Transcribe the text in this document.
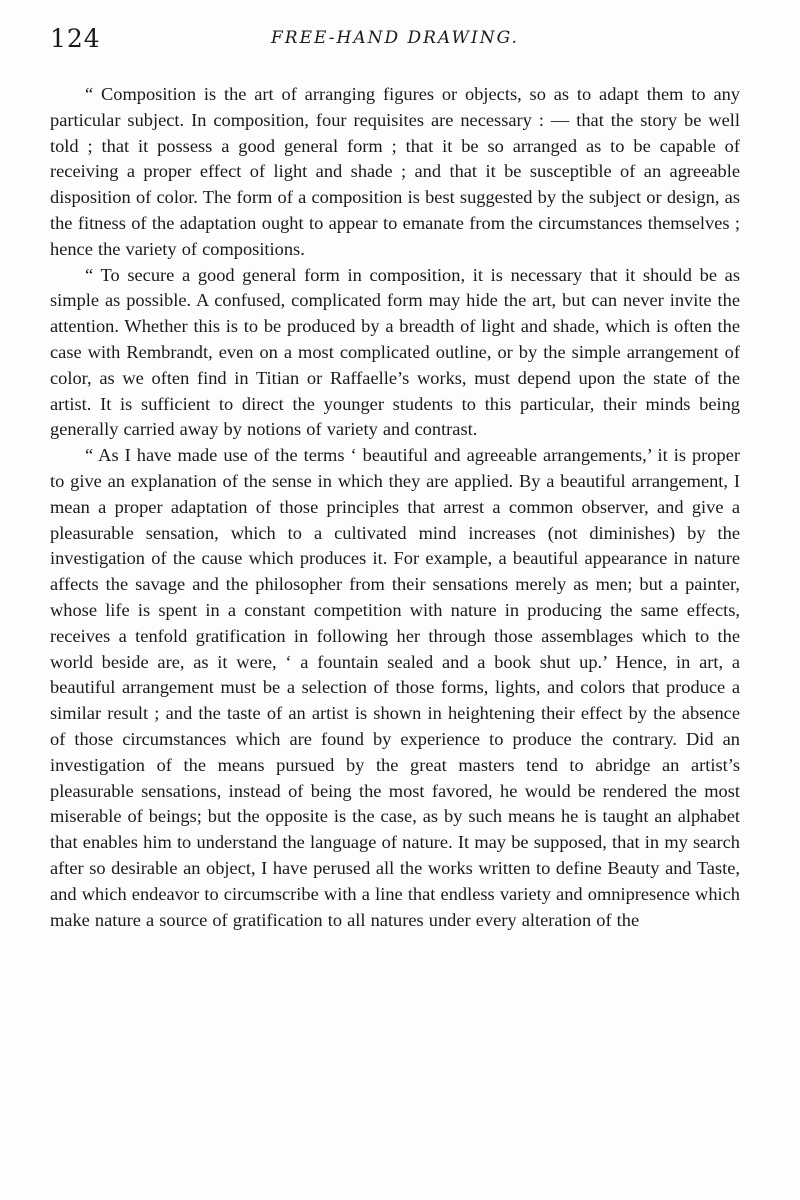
124	FREE-HAND DRAWING.

“ Composition is the art of arranging figures or objects, so as to adapt them to any particular subject. In composition, four requisites are necessary : — that the story be well told ; that it possess a good general form ; that it be so arranged as to be capable of receiving a proper effect of light and shade ; and that it be susceptible of an agreeable disposition of color. The form of a composition is best suggested by the subject or design, as the fitness of the adaptation ought to appear to emanate from the circumstances themselves ; hence the variety of compositions.

“ To secure a good general form in composition, it is necessary that it should be as simple as possible. A confused, complicated form may hide the art, but can never invite the attention. Whether this is to be produced by a breadth of light and shade, which is often the case with Rembrandt, even on a most complicated outline, or by the simple arrangement of color, as we often find in Titian or Raffaelle’s works, must depend upon the state of the artist. It is sufficient to direct the younger students to this particular, their minds being generally carried away by notions of variety and contrast.

“ As I have made use of the terms ‘ beautiful and agreeable arrangements,’ it is proper to give an explanation of the sense in which they are applied. By a beautiful arrangement, I mean a proper adaptation of those principles that arrest a common observer, and give a pleasurable sensation, which to a cultivated mind increases (not diminishes) by the investigation of the cause which produces it. For example, a beautiful appearance in nature affects the savage and the philosopher from their sensations merely as men; but a painter, whose life is spent in a constant competition with nature in producing the same effects, receives a tenfold gratification in following her through those assemblages which to the world beside are, as it were, ‘ a fountain sealed and a book shut up.’ Hence, in art, a beautiful arrangement must be a selection of those forms, lights, and colors that produce a similar result ; and the taste of an artist is shown in heightening their effect by the absence of those circumstances which are found by experience to produce the contrary. Did an investigation of the means pursued by the great masters tend to abridge an artist’s pleasurable sensations, instead of being the most favored, he would be rendered the most miserable of beings; but the opposite is the case, as by such means he is taught an alphabet that enables him to understand the language of nature. It may be supposed, that in my search after so desirable an object, I have perused all the works written to define Beauty and Taste, and which endeavor to circumscribe with a line that endless variety and omnipresence which make nature a source of gratification to all natures under every alteration of the
